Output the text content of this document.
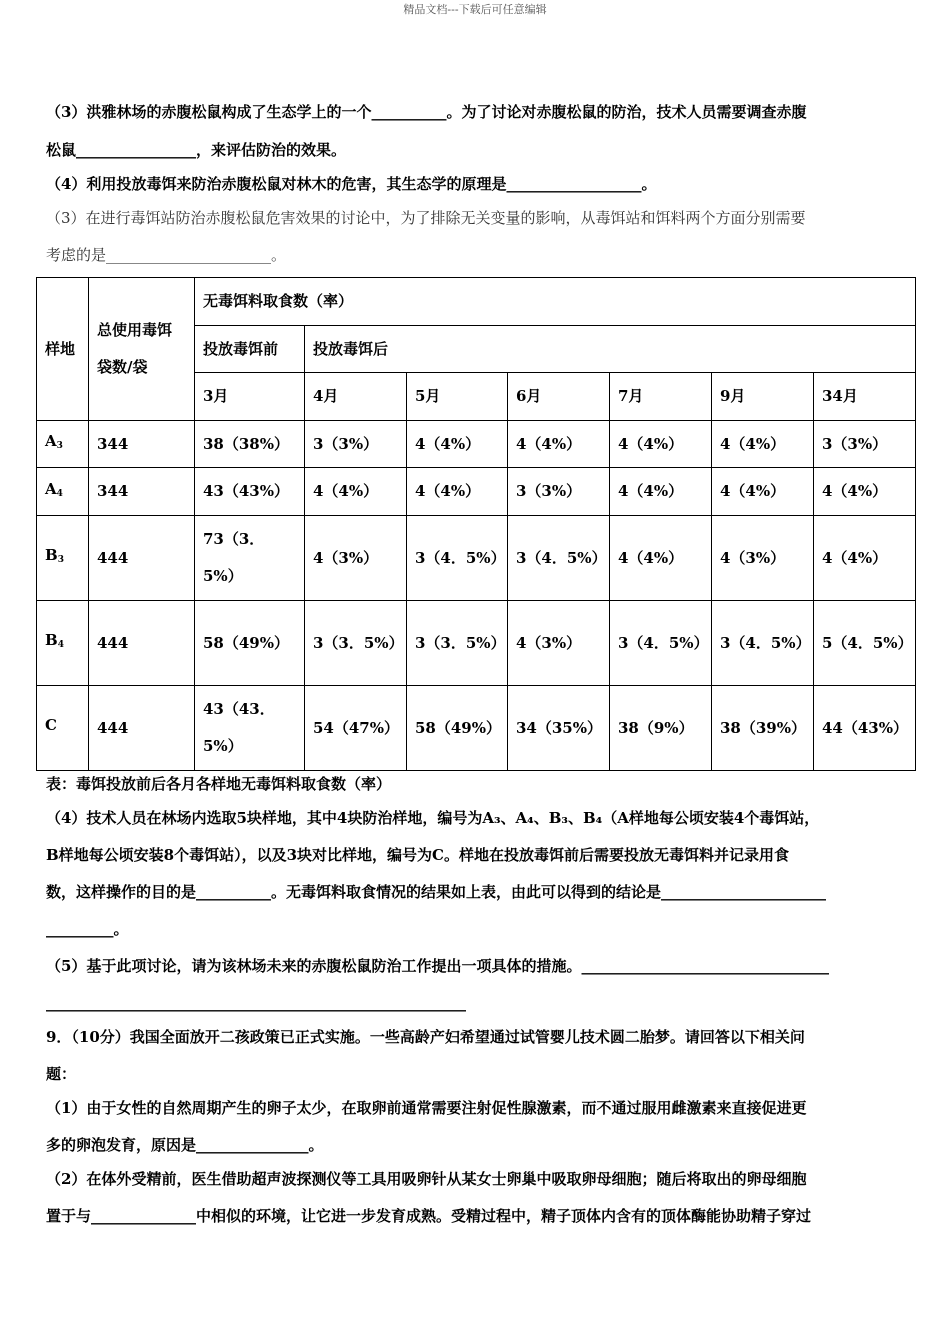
精品文档---下载后可任意编辑
（3）洪雅林场的赤腹松鼠构成了生态学上的一个__________。为了讨论对赤腹松鼠的防治，技术人员需要调查赤腹
松鼠________________，来评估防治的效果。
（4）利用投放毒饵来防治赤腹松鼠对林木的危害，其生态学的原理是__________________。
（3）在进行毒饵站防治赤腹松鼠危害效果的讨论中，为了排除无关变量的影响，从毒饵站和饵料两个方面分别需要
考虑的是______________________。
样地	总使用毒饵袋数/袋	无毒饵料取食数（率）						
		投放毒饵前	投放毒饵后					
		3月	4月	5月	6月	7月	9月	34月
$A_3$	344	38（38%）	3（3%）	4（4%）	4（4%）	4（4%）	4（4%）	3（3%）
$A_4$	344	43（43%）	4（4%）	4（4%）	3（3%）	4（4%）	4（4%）	4（4%）
$B_3$	444	73（3．5%）	4（3%）	3（4．5%）	3（4．5%）	4（4%）	4（3%）	4（4%）
$B_4$	444	58（49%）	3（3．5%）	3（3．5%）	4（3%）	3（4．5%）	3（4．5%）	5（4．5%）
C	444	43（43．5%）	54（47%）	58（49%）	34（35%）	38（9%）	38（39%）	44（43%）
表：毒饵投放前后各月各样地无毒饵料取食数（率）
（4）技术人员在林场内选取5块样地，其中4块防治样地，编号为A₃、A₄、B₃、B₄（A样地每公顷安装4个毒饵站，
B样地每公顷安装8个毒饵站），以及3块对比样地，编号为C。样地在投放毒饵前后需要投放无毒饵料并记录用食
数，这样操作的目的是__________。无毒饵料取食情况的结果如上表，由此可以得到的结论是______________________
_________。
（5）基于此项讨论，请为该林场未来的赤腹松鼠防治工作提出一项具体的措施。_________________________________
________________________________________________________
9．（10分）我国全面放开二孩政策已正式实施。一些高龄产妇希望通过试管婴儿技术圆二胎梦。请回答以下相关问
题：
（1）由于女性的自然周期产生的卵子太少，在取卵前通常需要注射促性腺激素，而不通过服用雌激素来直接促进更
多的卵泡发育，原因是_______________。
（2）在体外受精前，医生借助超声波探测仪等工具用吸卵针从某女士卵巢中吸取卵母细胞；随后将取出的卵母细胞
置于与______________中相似的环境，让它进一步发育成熟。受精过程中，精子顶体内含有的顶体酶能协助精子穿过
